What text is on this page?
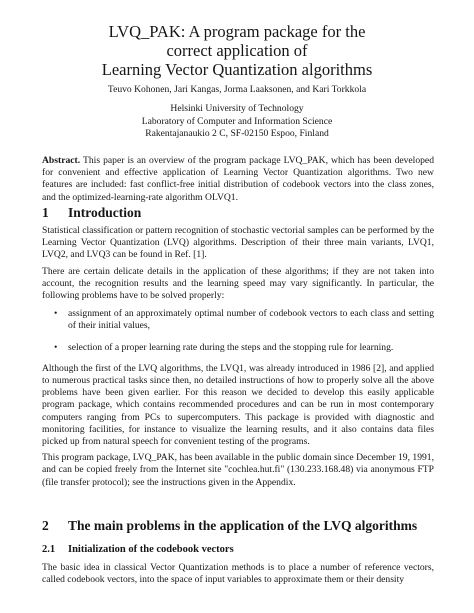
LVQ_PAK: A program package for the
correct application of
Learning Vector Quantization algorithms
Teuvo Kohonen, Jari Kangas, Jorma Laaksonen, and Kari Torkkola
Helsinki University of Technology
Laboratory of Computer and Information Science
Rakentajanaukio 2 C, SF-02150 Espoo, Finland

Abstract. This paper is an overview of the program package LVQ_PAK, which has been developed for convenient and effective application of Learning Vector Quantization algorithms. Two new features are included: fast conflict-free initial distribution of codebook vectors into the class zones, and the optimized-learning-rate algorithm OLVQ1.

1 Introduction

Statistical classification or pattern recognition of stochastic vectorial samples can be performed by the Learning Vector Quantization (LVQ) algorithms. Description of their three main variants, LVQ1, LVQ2, and LVQ3 can be found in Ref. [1].

There are certain delicate details in the application of these algorithms; if they are not taken into account, the recognition results and the learning speed may vary significantly. In particular, the following problems have to be solved properly:

• assignment of an approximately optimal number of codebook vectors to each class and setting of their initial values,
• selection of a proper learning rate during the steps and the stopping rule for learning.

Although the first of the LVQ algorithms, the LVQ1, was already introduced in 1986 [2], and applied to numerous practical tasks since then, no detailed instructions of how to properly solve all the above problems have been given earlier. For this reason we decided to develop this easily applicable program package, which contains recommended procedures and can be run in most contemporary computers ranging from PCs to supercomputers. This package is provided with diagnostic and monitoring facilities, for instance to visualize the learning results, and it also contains data files picked up from natural speech for convenient testing of the programs.

This program package, LVQ_PAK, has been available in the public domain since December 19, 1991, and can be copied freely from the Internet site "cochlea.hut.fi" (130.233.168.48) via anonymous FTP (file transfer protocol); see the instructions given in the Appendix.

2 The main problems in the application of the LVQ algorithms
2.1 Initialization of the codebook vectors

The basic idea in classical Vector Quantization methods is to place a number of reference vectors, called codebook vectors, into the space of input variables to approximate them or their density
